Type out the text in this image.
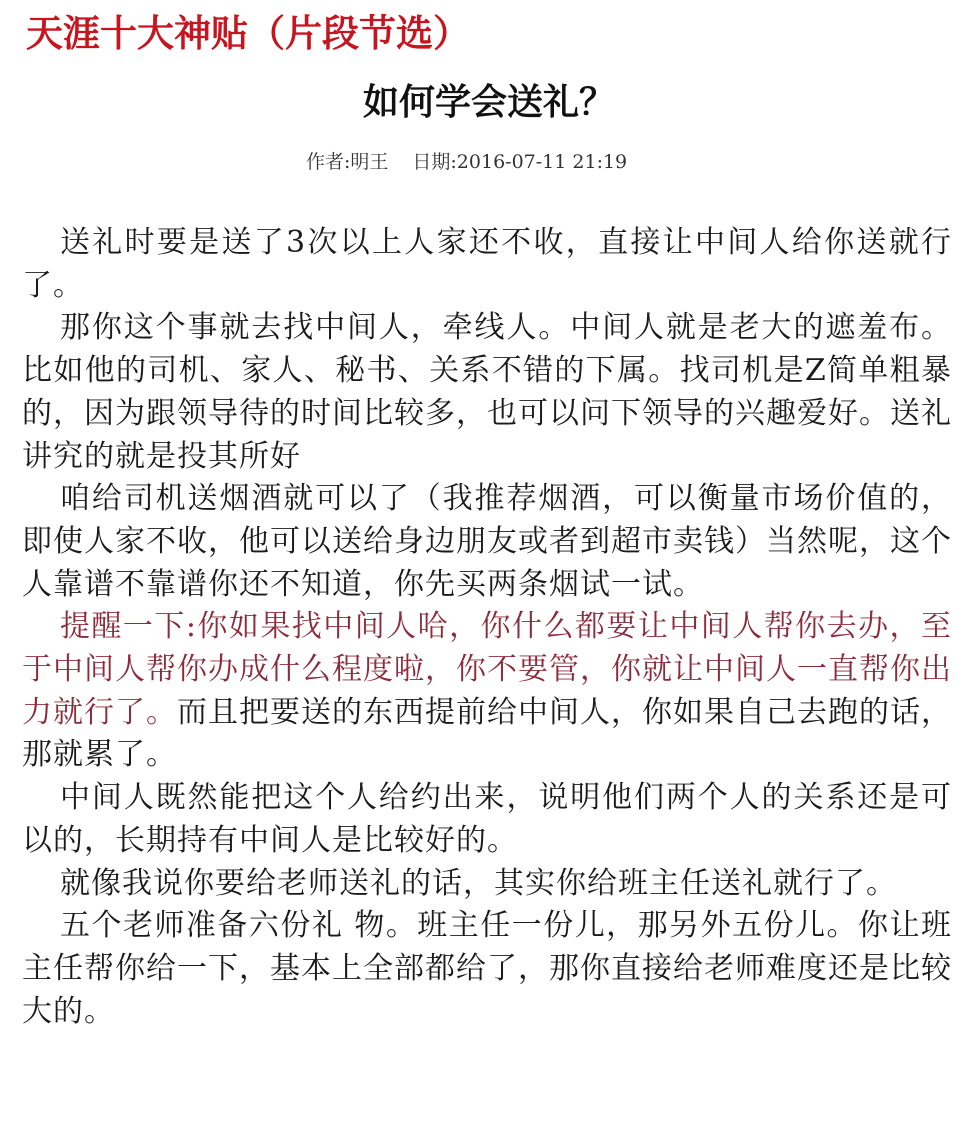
天涯十大神贴（片段节选）
如何学会送礼？
作者:明王 日期:2016-07-11 21:19

送礼时要是送了3次以上人家还不收，直接让中间人给你送就行了。

那你这个事就去找中间人，牵线人。中间人就是老大的遮羞布。比如他的司机、家人、秘书、关系不错的下属。找司机是Z简单粗暴的，因为跟领导待的时间比较多，也可以问下领导的兴趣爱好。送礼讲究的就是投其所好

咱给司机送烟酒就可以了（我推荐烟酒，可以衡量市场价值的，即使人家不收，他可以送给身边朋友或者到超市卖钱）当然呢，这个人靠谱不靠谱你还不知道，你先买两条烟试一试。

提醒一下:你如果找中间人哈，你什么都要让中间人帮你去办，至于中间人帮你办成什么程度啦，你不要管，你就让中间人一直帮你出力就行了。而且把要送的东西提前给中间人，你如果自己去跑的话，那就累了。

中间人既然能把这个人给约出来，说明他们两个人的关系还是可以的，长期持有中间人是比较好的。

就像我说你要给老师送礼的话，其实你给班主任送礼就行了。

五个老师准备六份礼 物。班主任一份儿，那另外五份儿。你让班主任帮你给一下，基本上全部都给了，那你直接给老师难度还是比较大的。
